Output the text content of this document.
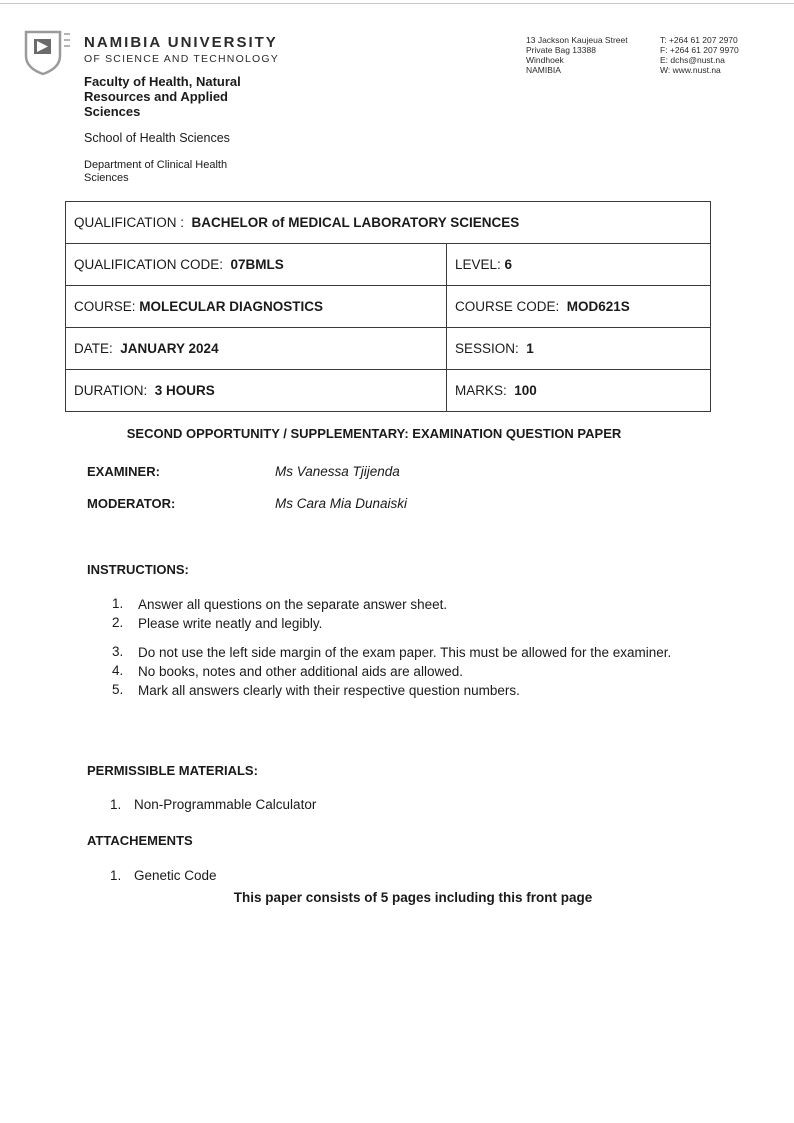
NAMIBIA UNIVERSITY
OF SCIENCE AND TECHNOLOGY
Faculty of Health, Natural Resources and Applied Sciences
School of Health Sciences
Department of Clinical Health Sciences
13 Jackson Kaujeua Street
Private Bag 13388
Windhoek
NAMIBIA
T: +264 61 207 2970
F: +264 61 207 9970
E: dchs@nust.na
W: www.nust.na
QUALIFICATION : BACHELOR of MEDICAL LABORATORY SCIENCES	
QUALIFICATION CODE: 07BMLS	LEVEL: 6
COURSE: MOLECULAR DIAGNOSTICS	COURSE CODE: MOD621S
DATE: JANUARY 2024	SESSION: 1
DURATION: 3 HOURS	MARKS: 100
SECOND OPPORTUNITY / SUPPLEMENTARY: EXAMINATION QUESTION PAPER
EXAMINER:	Ms Vanessa Tjijenda
MODERATOR:	Ms Cara Mia Dunaiski
INSTRUCTIONS:
1.	Answer all questions on the separate answer sheet.
2.	Please write neatly and legibly.
3.	Do not use the left side margin of the exam paper. This must be allowed for the examiner.
4.	No books, notes and other additional aids are allowed.
5.	Mark all answers clearly with their respective question numbers.
PERMISSIBLE MATERIALS:
1. Non-Programmable Calculator
ATTACHEMENTS
1. Genetic Code
This paper consists of 5 pages including this front page
